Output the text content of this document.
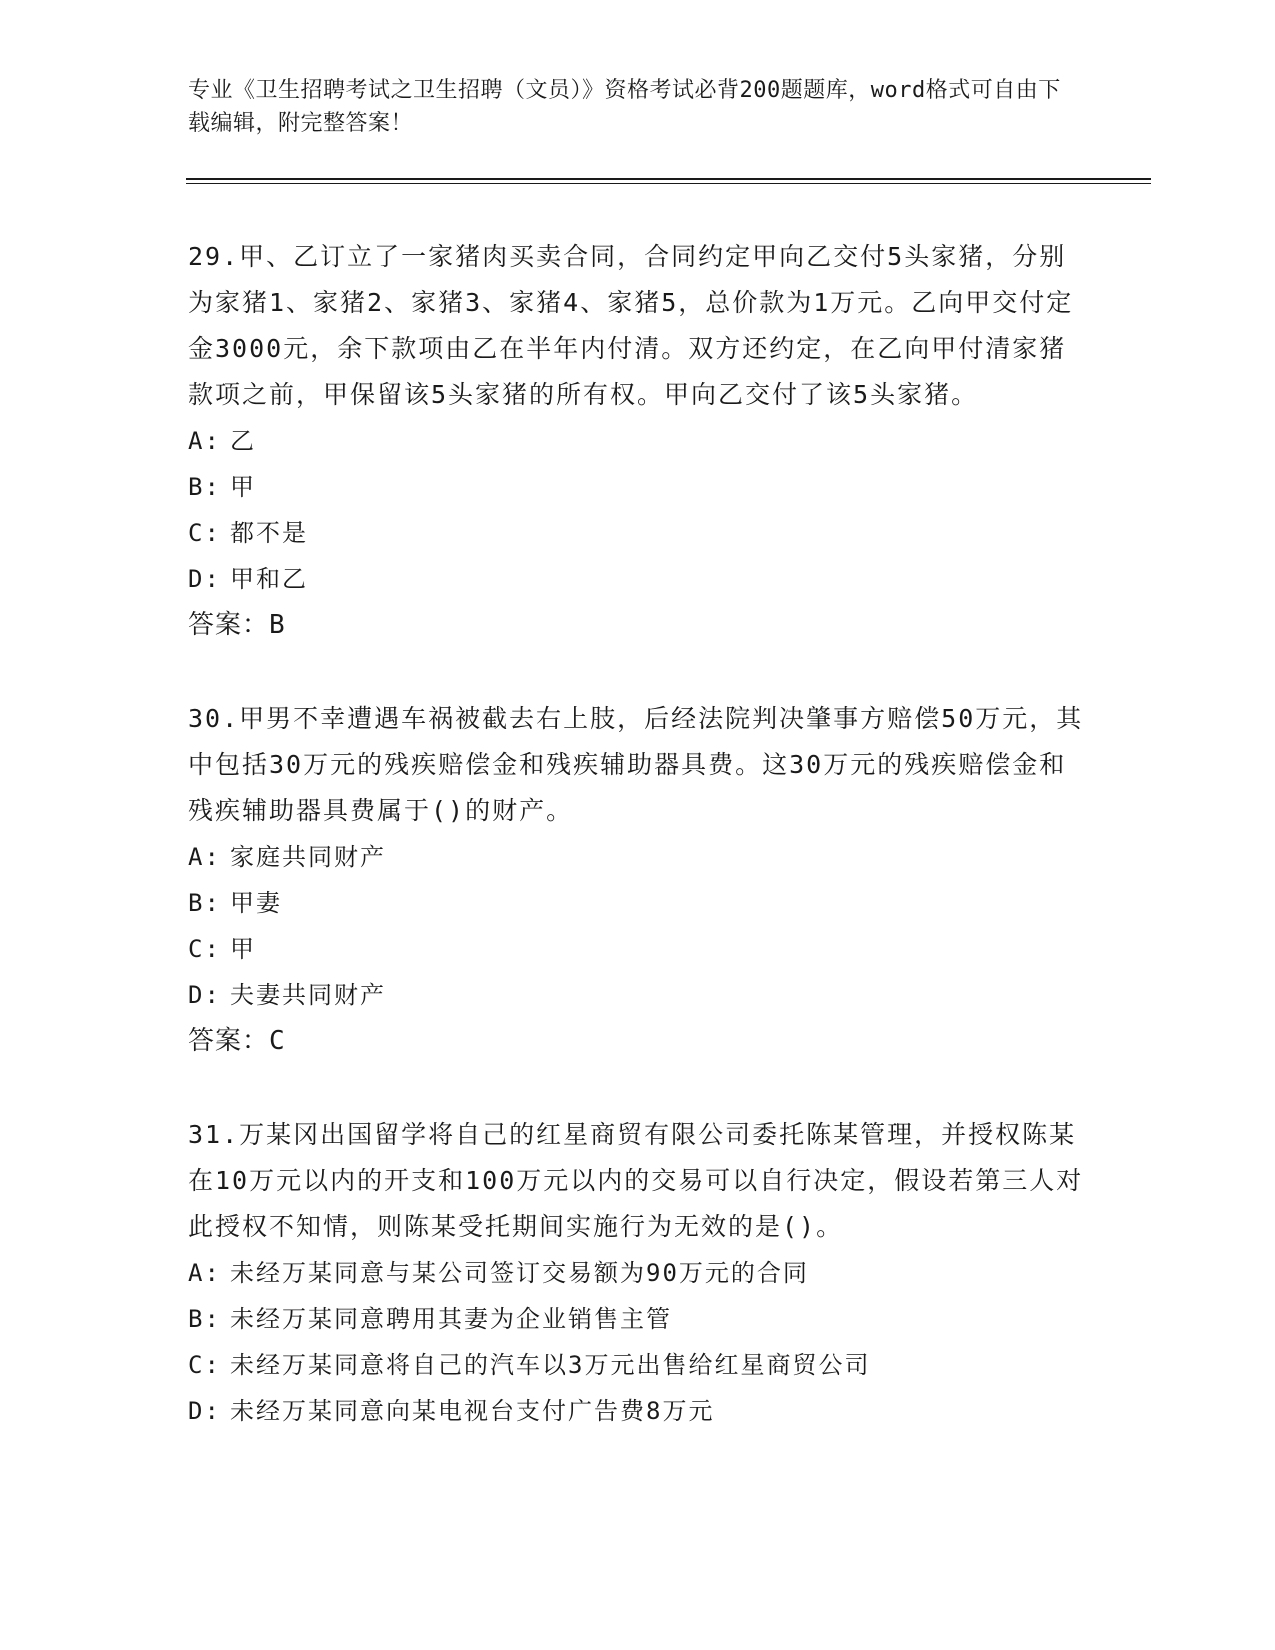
专业《卫生招聘考试之卫生招聘（文员）》资格考试必背200题题库，word格式可自由下载编辑，附完整答案！

29.甲、乙订立了一家猪肉买卖合同，合同约定甲向乙交付5头家猪，分别为家猪1、家猪2、家猪3、家猪4、家猪5，总价款为1万元。乙向甲交付定金3000元，余下款项由乙在半年内付清。双方还约定，在乙向甲付清家猪款项之前，甲保留该5头家猪的所有权。甲向乙交付了该5头家猪。

A: 乙
B: 甲
C: 都不是
D: 甲和乙

答案：B

30.甲男不幸遭遇车祸被截去右上肢，后经法院判决肇事方赔偿50万元，其中包括30万元的残疾赔偿金和残疾辅助器具费。这30万元的残疾赔偿金和残疾辅助器具费属于()的财产。

A: 家庭共同财产
B: 甲妻
C: 甲
D: 夫妻共同财产

答案：C

31.万某冈出国留学将自己的红星商贸有限公司委托陈某管理，并授权陈某在10万元以内的开支和100万元以内的交易可以自行决定，假设若第三人对此授权不知情，则陈某受托期间实施行为无效的是()。

A: 未经万某同意与某公司签订交易额为90万元的合同
B: 未经万某同意聘用其妻为企业销售主管
C: 未经万某同意将自己的汽车以3万元出售给红星商贸公司
D: 未经万某同意向某电视台支付广告费8万元
